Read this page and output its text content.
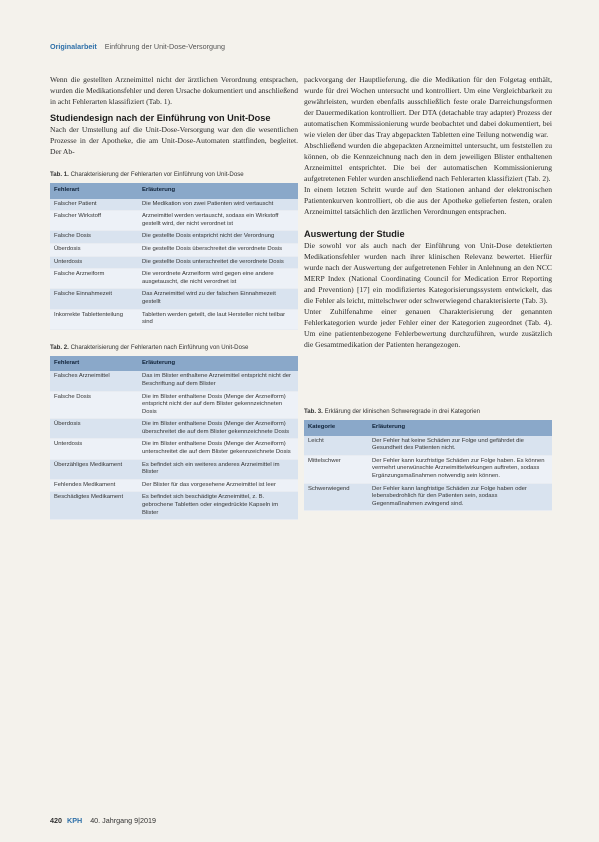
Originalarbeit Einführung der Unit-Dose-Versorgung

Wenn die gestellten Arzneimittel nicht der ärztlichen Verordnung entsprachen, wurden die Medikationsfehler und deren Ursache dokumentiert und anschließend in acht Fehlerarten klassifiziert (Tab. 1).

Studiendesign nach der Einführung von Unit-Dose

Nach der Umstellung auf die Unit-Dose-Versorgung war den die wesentlichen Prozesse in der Apotheke, die am Unit-Dose-Automaten stattfinden, begleitet. Der Ab-

Tab. 1. Charakterisierung der Fehlerarten vor Einführung von Unit-Dose
Fehlerart	Erläuterung
Falscher Patient	Die Medikation von zwei Patienten wird vertauscht
Falscher Wirkstoff	Arzneimittel werden vertauscht, sodass ein Wirkstoff gestellt wird, der nicht verordnet ist
Falsche Dosis	Die gestellte Dosis entspricht nicht der Verordnung
Überdosis	Die gestellte Dosis überschreitet die verordnete Dosis
Unterdosis	Die gestellte Dosis unterschreitet die verordnete Dosis
Falsche Arzneiform	Die verordnete Arzneiform wird gegen eine andere ausgetauscht, die nicht verordnet ist
Falsche Einnahmezeit	Das Arzneimittel wird zu der falschen Einnahmezeit gestellt
Inkorrekte Tablettenteilung	Tabletten werden geteilt, die laut Hersteller nicht teilbar sind
Tab. 2. Charakterisierung der Fehlerarten nach Einführung von Unit-Dose
Fehlerart	Erläuterung
Falsches Arzneimittel	Das im Blister enthaltene Arzneimittel entspricht nicht der Beschriftung auf dem Blister
Falsche Dosis	Die im Blister enthaltene Dosis (Menge der Arzneiform) entspricht nicht der auf dem Blister gekennzeichneten Dosis
Überdosis	Die im Blister enthaltene Dosis (Menge der Arzneiform) überschreitet die auf dem Blister gekennzeichnete Dosis
Unterdosis	Die im Blister enthaltene Dosis (Menge der Arzneiform) unterschreitet die auf dem Blister gekennzeichnete Dosis
Überzähliges Medikament	Es befindet sich ein weiteres anderes Arzneimittel im Blister
Fehlendes Medikament	Der Blister für das vorgesehene Arzneimittel ist leer
Beschädigtes Medikament	Es befindet sich beschädigte Arzneimittel, z. B. gebrochene Tabletten oder eingedrückte Kapseln im Blister

packvorgang der Hauptlieferung, die die Medikation für den Folgetag enthält, wurde für drei Wochen untersucht und kontrolliert. Um eine Vergleichbarkeit zu gewährleisten, wurden ebenfalls ausschließlich feste orale Darreichungsformen der Dauermedikation kontrolliert. Der DTA (detachable tray adapter) Prozess der automatischen Kommissionierung wurde beobachtet und dabei dokumentiert, bei wie vielen der über das Tray abgepackten Tabletten eine Teilung notwendig war.

Abschließend wurden die abgepackten Arzneimittel untersucht, um feststellen zu können, ob die Kennzeichnung nach den in dem jeweiligen Blister enthaltenen Arzneimittel entsprichtet. Die bei der automatischen Kommissionierung aufgetretenen Fehler wurden anschließend nach Fehlerarten klassifiziert (Tab. 2).

In einem letzten Schritt wurde auf den Stationen anhand der elektronischen Patientenkurven kontrolliert, ob die aus der Apotheke gelieferten festen, oralen Arzneimittel tatsächlich den ärztlichen Verordnungen entsprachen.

Auswertung der Studie

Die sowohl vor als auch nach der Einführung von Unit-Dose detektierten Medikationsfehler wurden nach ihrer klinischen Relevanz bewertet. Hierfür wurde nach der Auswertung der aufgetretenen Fehler in Anlehnung an den NCC MERP Index (National Coordinating Council for Medication Error Reporting and Prevention) [17] ein modifiziertes Kategorisierungssystem entwickelt, das die Fehler als leicht, mittelschwer oder schwerwiegend charakterisierte (Tab. 3).

Unter Zuhilfenahme einer genauen Charakterisierung der genannten Fehlerkategorien wurde jeder Fehler einer der Kategorien zugeordnet (Tab. 4). Um eine patientenbezogene Fehlerbewertung durchzuführen, wurde zusätzlich die Gesamtmedikation der Patienten herangezogen.

Tab. 3. Erklärung der klinischen Schweregrade in drei Kategorien
Kategorie	Erläuterung
Leicht	Der Fehler hat keine Schäden zur Folge und gefährdet die Gesundheit des Patienten nicht.
Mittelschwer	Der Fehler kann kurzfristige Schäden zur Folge haben. Es können vermehrt unerwünschte Arzneimittelwirkungen auftreten, sodass Ergänzungsmaßnahmen notwendig sein können.
Schwerwiegend	Der Fehler kann langfristige Schäden zur Folge haben oder lebensbedrohlich für den Patienten sein, sodass Gegenmaßnahmen zwingend sind.
420 KPH 40. Jahrgang 9|2019
